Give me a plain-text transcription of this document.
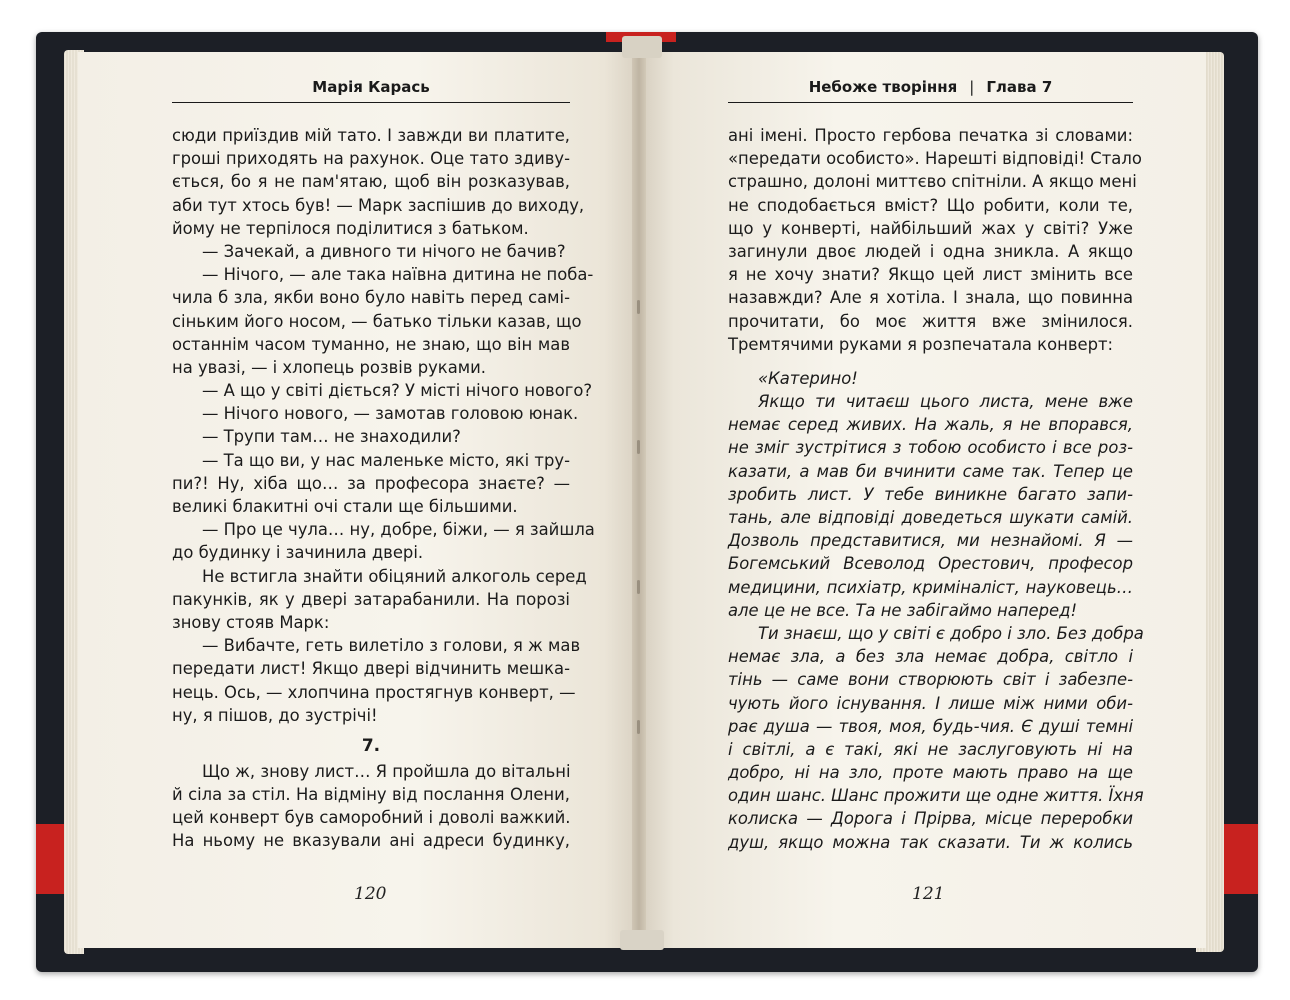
Марія Карась	Небоже творіння | Глава 7
сюди приїздив мій тато. І завжди ви платите,
гроші приходять на рахунок. Оце тато здиву-
ється, бо я не пам'ятаю, щоб він розказував,
аби тут хтось був! — Марк заспішив до виходу,
йому не терпілося поділитися з батьком.
— Зачекай, а дивного ти нічого не бачив?
— Нічого, — але така наївна дитина не поба-
чила б зла, якби воно було навіть перед самі-
сіньким його носом, — батько тільки казав, що
останнім часом туманно, не знаю, що він мав
на увазі, — і хлопець розвів руками.
— А що у світі діється? У місті нічого нового?
— Нічого нового, — замотав головою юнак.
— Трупи там… не знаходили?
— Та що ви, у нас маленьке місто, які тру-
пи?! Ну, хіба що… за професора знаєте? —
великі блакитні очі стали ще більшими.
— Про це чула… ну, добре, біжи, — я зайшла
до будинку і зачинила двері.
Не встигла знайти обіцяний алкоголь серед
пакунків, як у двері затарабанили. На порозі
знову стояв Марк:
— Вибачте, геть вилетіло з голови, я ж мав
передати лист! Якщо двері відчинить мешка-
нець. Ось, — хлопчина простягнув конверт, —
ну, я пішов, до зустрічі!
7.
Що ж, знову лист… Я пройшла до вітальні
й сіла за стіл. На відміну від послання Олени,
цей конверт був саморобний і доволі важкий.
На ньому не вказували ані адреси будинку,
ані імені. Просто гербова печатка зі словами:
«передати особисто». Нарешті відповіді! Стало
страшно, долоні миттєво спітніли. А якщо мені
не сподобається вміст? Що робити, коли те,
що у конверті, найбільший жах у світі? Уже
загинули двоє людей і одна зникла. А якщо
я не хочу знати? Якщо цей лист змінить все
назавжди? Але я хотіла. І знала, що повинна
прочитати, бо моє життя вже змінилося.
Тремтячими руками я розпечатала конверт:
«Катерино!
Якщо ти читаєш цього листа, мене вже
немає серед живих. На жаль, я не впорався,
не зміг зустрітися з тобою особисто і все роз-
казати, а мав би вчинити саме так. Тепер це
зробить лист. У тебе виникне багато запи-
тань, але відповіді доведеться шукати самій.
Дозволь представитися, ми незнайомі. Я —
Богемський Всеволод Орестович, професор
медицини, психіатр, криміналіст, науковець…
але це не все. Та не забігаймо наперед!
Ти знаєш, що у світі є добро і зло. Без добра
немає зла, а без зла немає добра, світло і
тінь — саме вони створюють світ і забезпе-
чують його існування. І лише між ними оби-
рає душа — твоя, моя, будь-чия. Є душі темні
і світлі, а є такі, які не заслуговують ні на
добро, ні на зло, проте мають право на ще
один шанс. Шанс прожити ще одне життя. Їхня
колиска — Дорога і Прірва, місце переробки
душ, якщо можна так сказати. Ти ж колись
120	121
